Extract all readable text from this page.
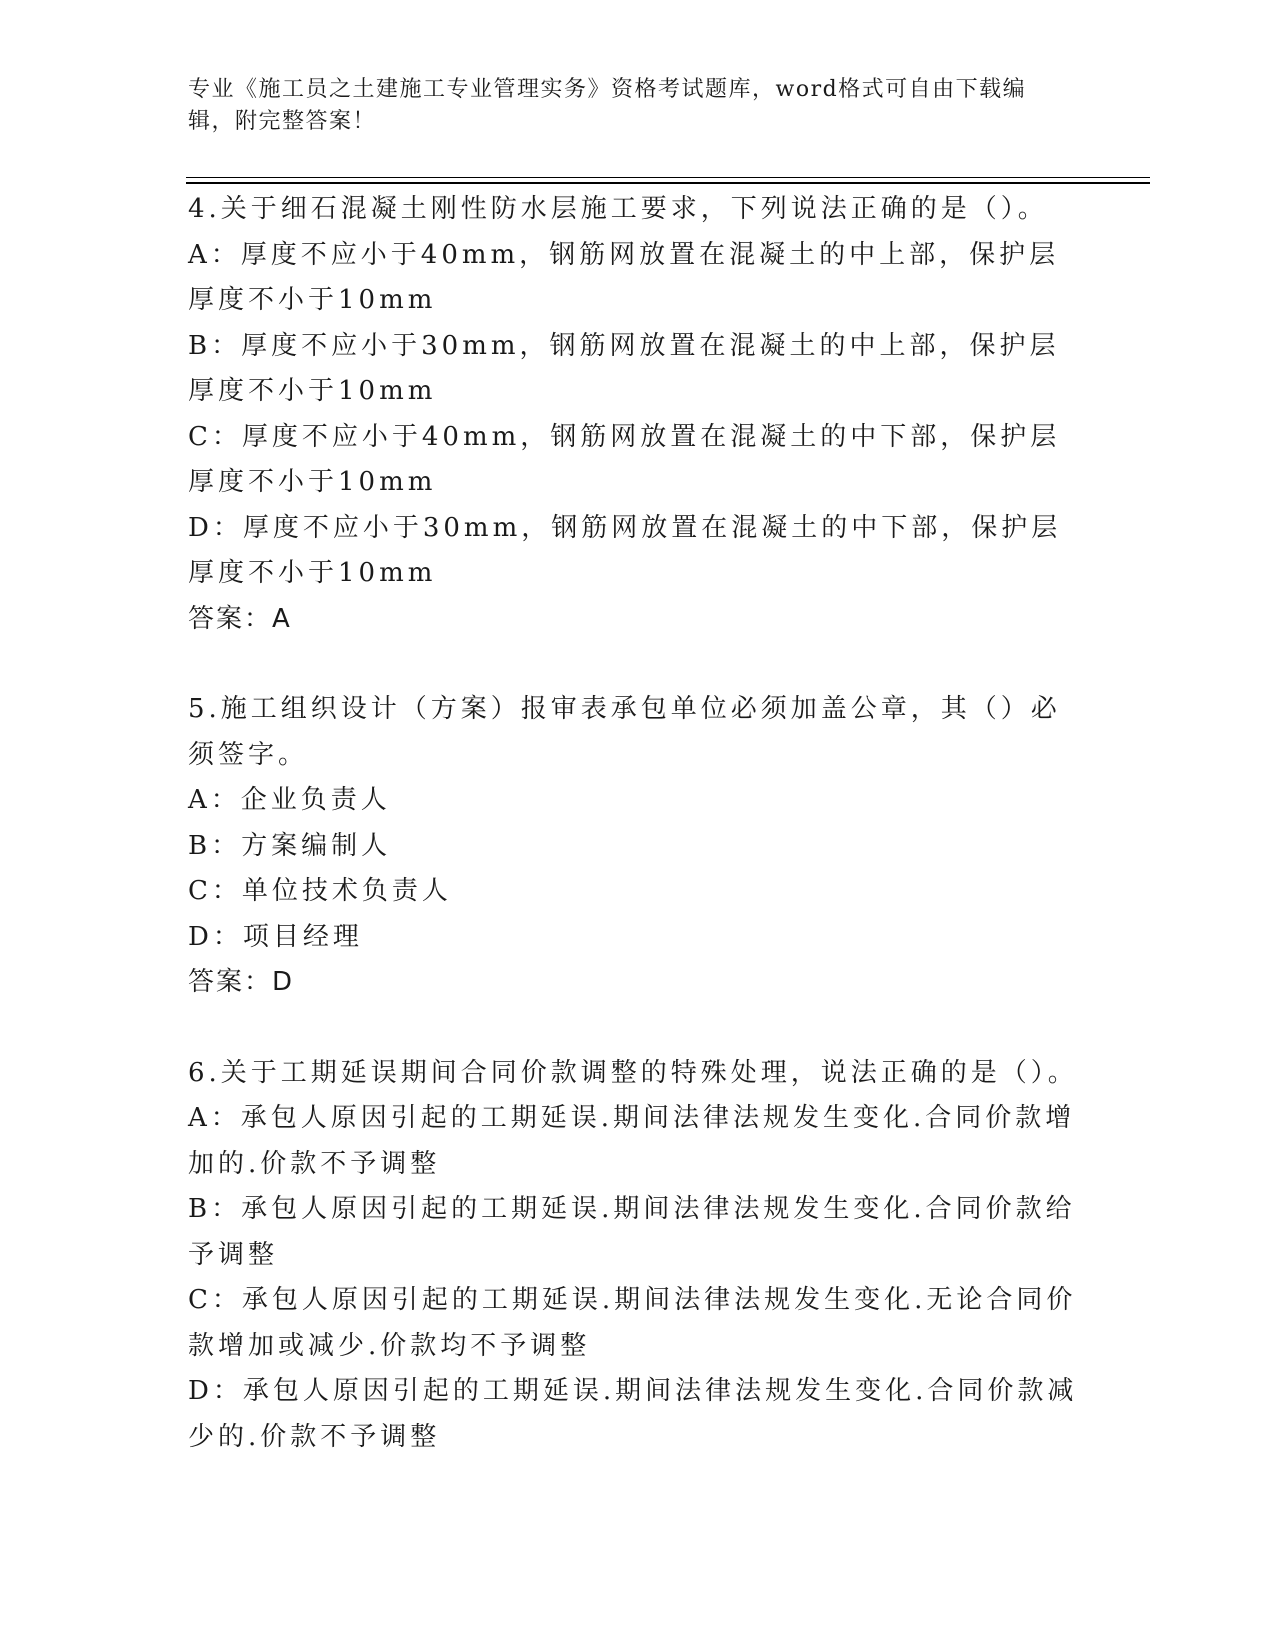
专业《施工员之土建施工专业管理实务》资格考试题库，word格式可自由下载编辑，附完整答案！

4.关于细石混凝土刚性防水层施工要求，下列说法正确的是（）。

A：厚度不应小于40mm，钢筋网放置在混凝土的中上部，保护层厚度不小于10mm

B：厚度不应小于30mm，钢筋网放置在混凝土的中上部，保护层厚度不小于10mm

C：厚度不应小于40mm，钢筋网放置在混凝土的中下部，保护层厚度不小于10mm

D：厚度不应小于30mm，钢筋网放置在混凝土的中下部，保护层厚度不小于10mm

答案：A

5.施工组织设计（方案）报审表承包单位必须加盖公章，其（）必须签字。

A：企业负责人

B：方案编制人

C：单位技术负责人

D：项目经理

答案：D

6.关于工期延误期间合同价款调整的特殊处理，说法正确的是（）。

A：承包人原因引起的工期延误.期间法律法规发生变化.合同价款增加的.价款不予调整

B：承包人原因引起的工期延误.期间法律法规发生变化.合同价款给予调整

C：承包人原因引起的工期延误.期间法律法规发生变化.无论合同价款增加或减少.价款均不予调整

D：承包人原因引起的工期延误.期间法律法规发生变化.合同价款减少的.价款不予调整
